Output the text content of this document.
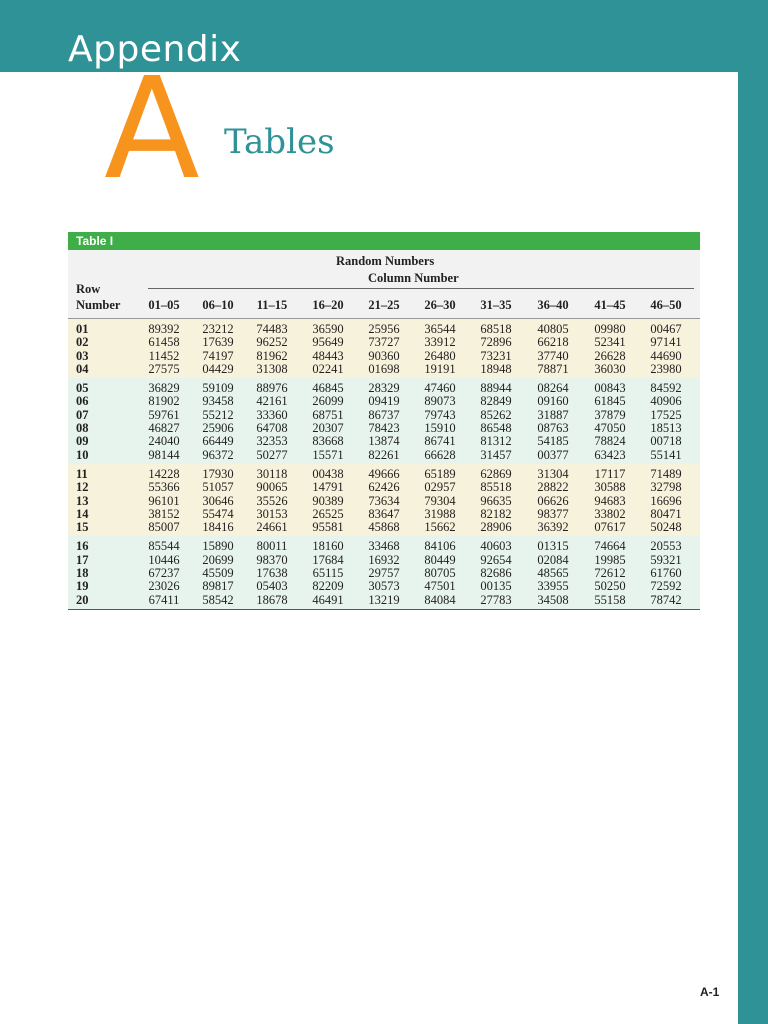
Appendix
A Tables
Table I
Random Numbers
Column Number
Row
Number	01–05	06–10	11–15	16–20	21–25	26–30	31–35	36–40	41–45	46–50
01	89392	23212	74483	36590	25956	36544	68518	40805	09980	00467
02	61458	17639	96252	95649	73727	33912	72896	66218	52341	97141
03	11452	74197	81962	48443	90360	26480	73231	37740	26628	44690
04	27575	04429	31308	02241	01698	19191	18948	78871	36030	23980
05	36829	59109	88976	46845	28329	47460	88944	08264	00843	84592
06	81902	93458	42161	26099	09419	89073	82849	09160	61845	40906
07	59761	55212	33360	68751	86737	79743	85262	31887	37879	17525
08	46827	25906	64708	20307	78423	15910	86548	08763	47050	18513
09	24040	66449	32353	83668	13874	86741	81312	54185	78824	00718
10	98144	96372	50277	15571	82261	66628	31457	00377	63423	55141
11	14228	17930	30118	00438	49666	65189	62869	31304	17117	71489
12	55366	51057	90065	14791	62426	02957	85518	28822	30588	32798
13	96101	30646	35526	90389	73634	79304	96635	06626	94683	16696
14	38152	55474	30153	26525	83647	31988	82182	98377	33802	80471
15	85007	18416	24661	95581	45868	15662	28906	36392	07617	50248
16	85544	15890	80011	18160	33468	84106	40603	01315	74664	20553
17	10446	20699	98370	17684	16932	80449	92654	02084	19985	59321
18	67237	45509	17638	65115	29757	80705	82686	48565	72612	61760
19	23026	89817	05403	82209	30573	47501	00135	33955	50250	72592
20	67411	58542	18678	46491	13219	84084	27783	34508	55158	78742
A-1
